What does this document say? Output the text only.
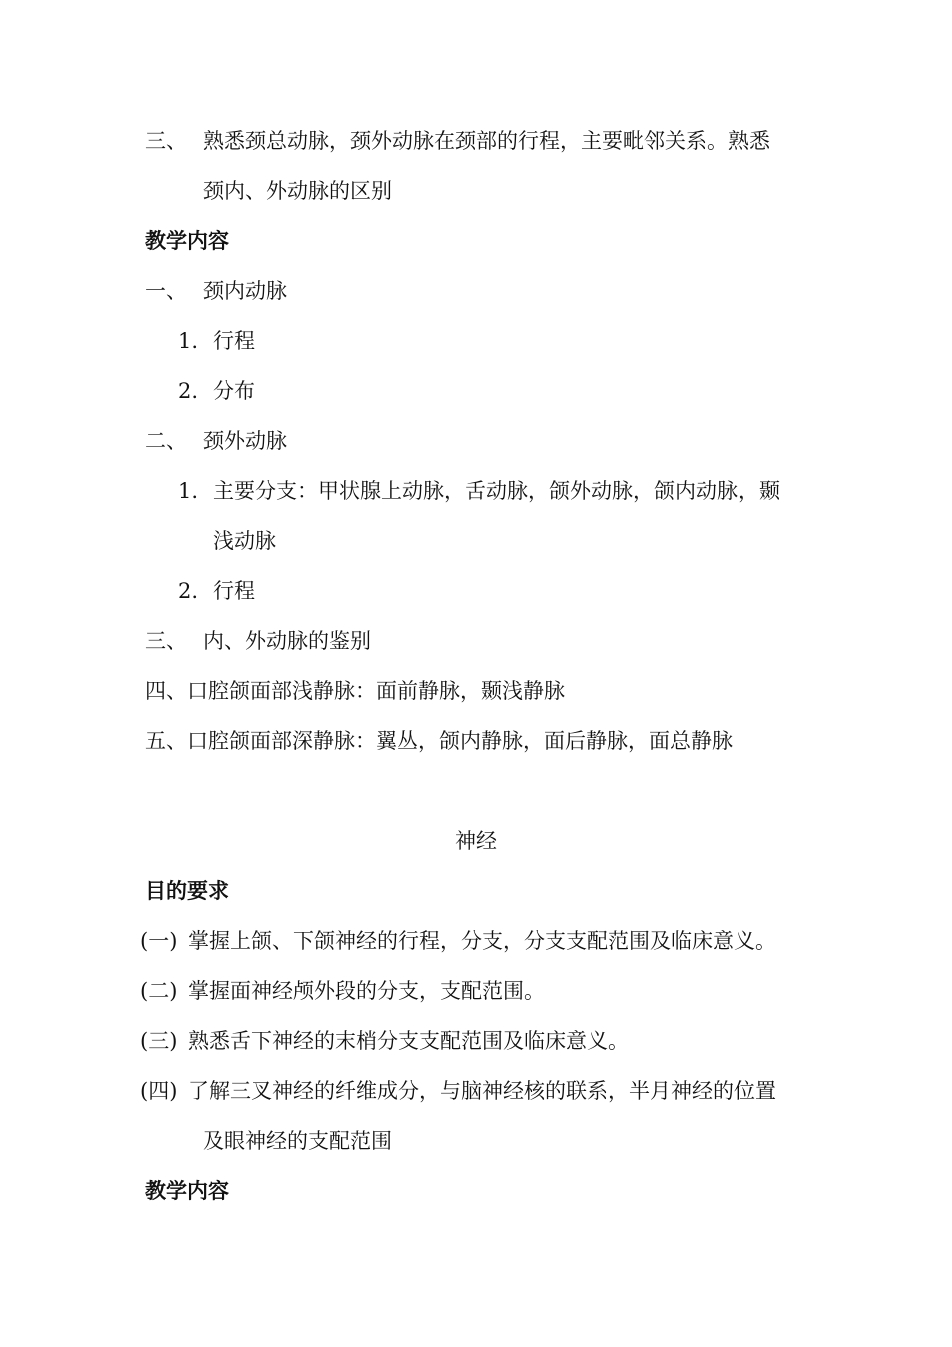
三、 熟悉颈总动脉，颈外动脉在颈部的行程，主要毗邻关系。熟悉
颈内、外动脉的区别
教学内容
一、 颈内动脉
1. 行程
2. 分布
二、 颈外动脉
1. 主要分支：甲状腺上动脉，舌动脉，颌外动脉，颌内动脉，颞
浅动脉
2. 行程
三、 内、外动脉的鉴别
四、口腔颌面部浅静脉：面前静脉，颞浅静脉
五、口腔颌面部深静脉：翼丛，颌内静脉，面后静脉，面总静脉
神经
目的要求
(一) 掌握上颌、下颌神经的行程，分支，分支支配范围及临床意义。
(二) 掌握面神经颅外段的分支，支配范围。
(三) 熟悉舌下神经的末梢分支支配范围及临床意义。
(四) 了解三叉神经的纤维成分，与脑神经核的联系，半月神经的位置
及眼神经的支配范围
教学内容
